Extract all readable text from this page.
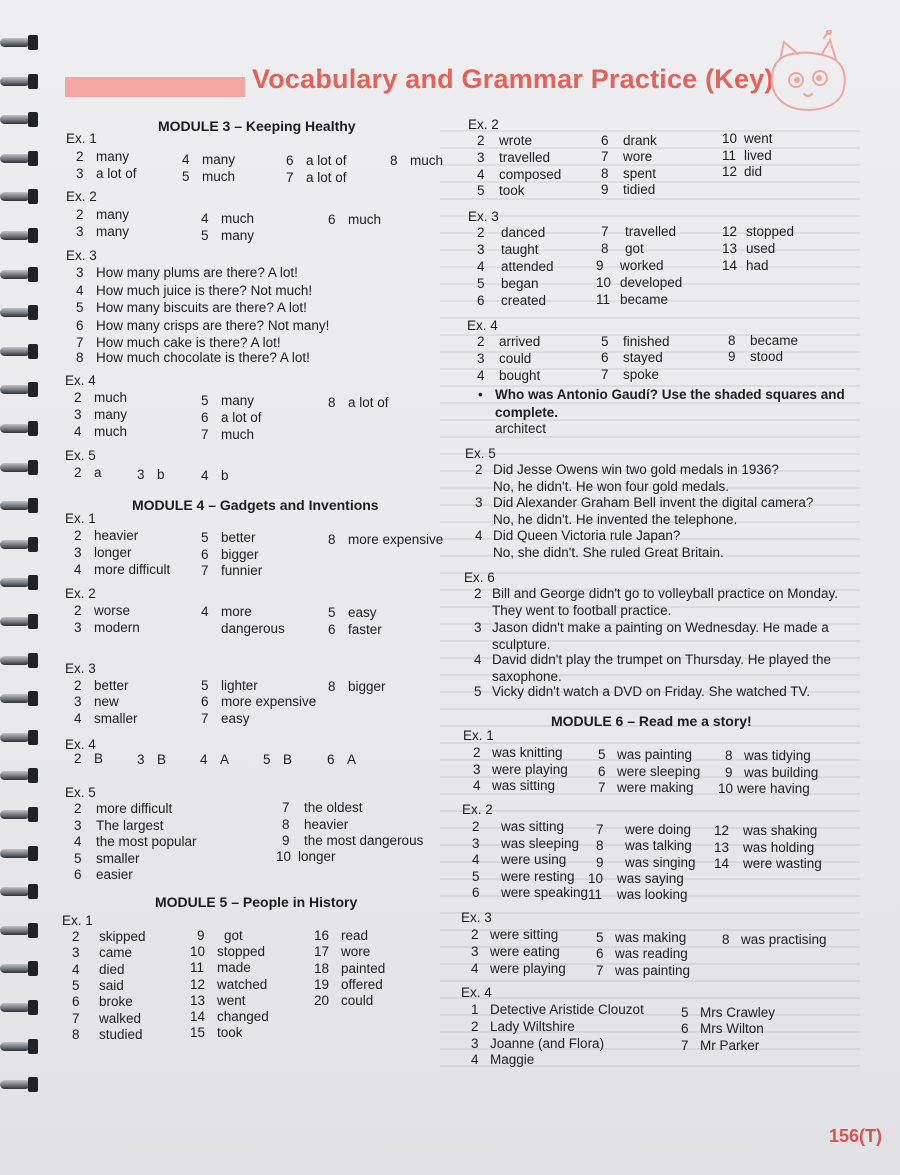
Vocabulary and Grammar Practice (Key)
MODULE 3 – Keeping Healthy
Ex. 1
2 many
3 a lot of
4 many
5 much
6 a lot of
7 a lot of
8 much
Ex. 2
2 many
3 many
4 much
5 many
6 much
Ex. 3
3 How many plums are there? A lot!
4 How much juice is there? Not much!
5 How many biscuits are there? A lot!
6 How many crisps are there? Not many!
7 How much cake is there? A lot!
8 How much chocolate is there? A lot!
Ex. 4
2 much
3 many
4 much
5 many
6 a lot of
7 much
8 a lot of
Ex. 5
2 a	3 b	4 b
MODULE 4 – Gadgets and Inventions
Ex. 1
2 heavier
3 longer
4 more difficult
5 better
6 bigger
7 funnier
8 more expensive
Ex. 2
2 worse
3 modern
4 more
dangerous
5 easy
6 faster
Ex. 3
2 better
3 new
4 smaller
5 lighter
6 more expensive
7 easy
8 bigger
Ex. 4
2 B	3 B	4 A	5 B	6 A
Ex. 5
2 more difficult
3 The largest
4 the most popular
5 smaller
6 easier
7 the oldest
8 heavier
9 the most dangerous
10 longer
MODULE 5 – People in History
Ex. 1
2 skipped
3 came
4 died
5 said
6 broke
7 walked
8 studied
9 got
10 stopped
11 made
12 watched
13 went
14 changed
15 took
16 read
17 wore
18 painted
19 offered
20 could
Ex. 2
2 wrote
3 travelled
4 composed
5 took
6 drank
7 wore
8 spent
9 tidied
10 went
11 lived
12 did
Ex. 3
2 danced
3 taught
4 attended
5 began
6 created
7 travelled
8 got
9 worked
10 developed
11 became
12 stopped
13 used
14 had
Ex. 4
2 arrived
3 could
4 bought
5 finished
6 stayed
7 spoke
8 became
9 stood
• Who was Antonio Gaudí? Use the shaded squares and
complete.
architect
Ex. 5
2 Did Jesse Owens win two gold medals in 1936?
No, he didn't. He won four gold medals.
3 Did Alexander Graham Bell invent the digital camera?
No, he didn't. He invented the telephone.
4 Did Queen Victoria rule Japan?
No, she didn't. She ruled Great Britain.
Ex. 6
2 Bill and George didn't go to volleyball practice on Monday.
They went to football practice.
3 Jason didn't make a painting on Wednesday. He made a
sculpture.
4 David didn't play the trumpet on Thursday. He played the
saxophone.
5 Vicky didn't watch a DVD on Friday. She watched TV.
MODULE 6 – Read me a story!
Ex. 1
2 was knitting
3 were playing
4 was sitting
5 was painting
6 were sleeping
7 were making
8 was tidying
9 was building
10 were having
Ex. 2
2 was sitting
3 was sleeping
4 were using
5 were resting
6 were speaking
7 were doing
8 was talking
9 was singing
10 was saying
11 was looking
12 was shaking
13 was holding
14 were wasting
Ex. 3
2 were sitting
3 were eating
4 were playing
5 was making
6 was reading
7 was painting
8 was practising
Ex. 4
1 Detective Aristide Clouzot
2 Lady Wiltshire
3 Joanne (and Flora)
4 Maggie
5 Mrs Crawley
6 Mrs Wilton
7 Mr Parker
156(T)
